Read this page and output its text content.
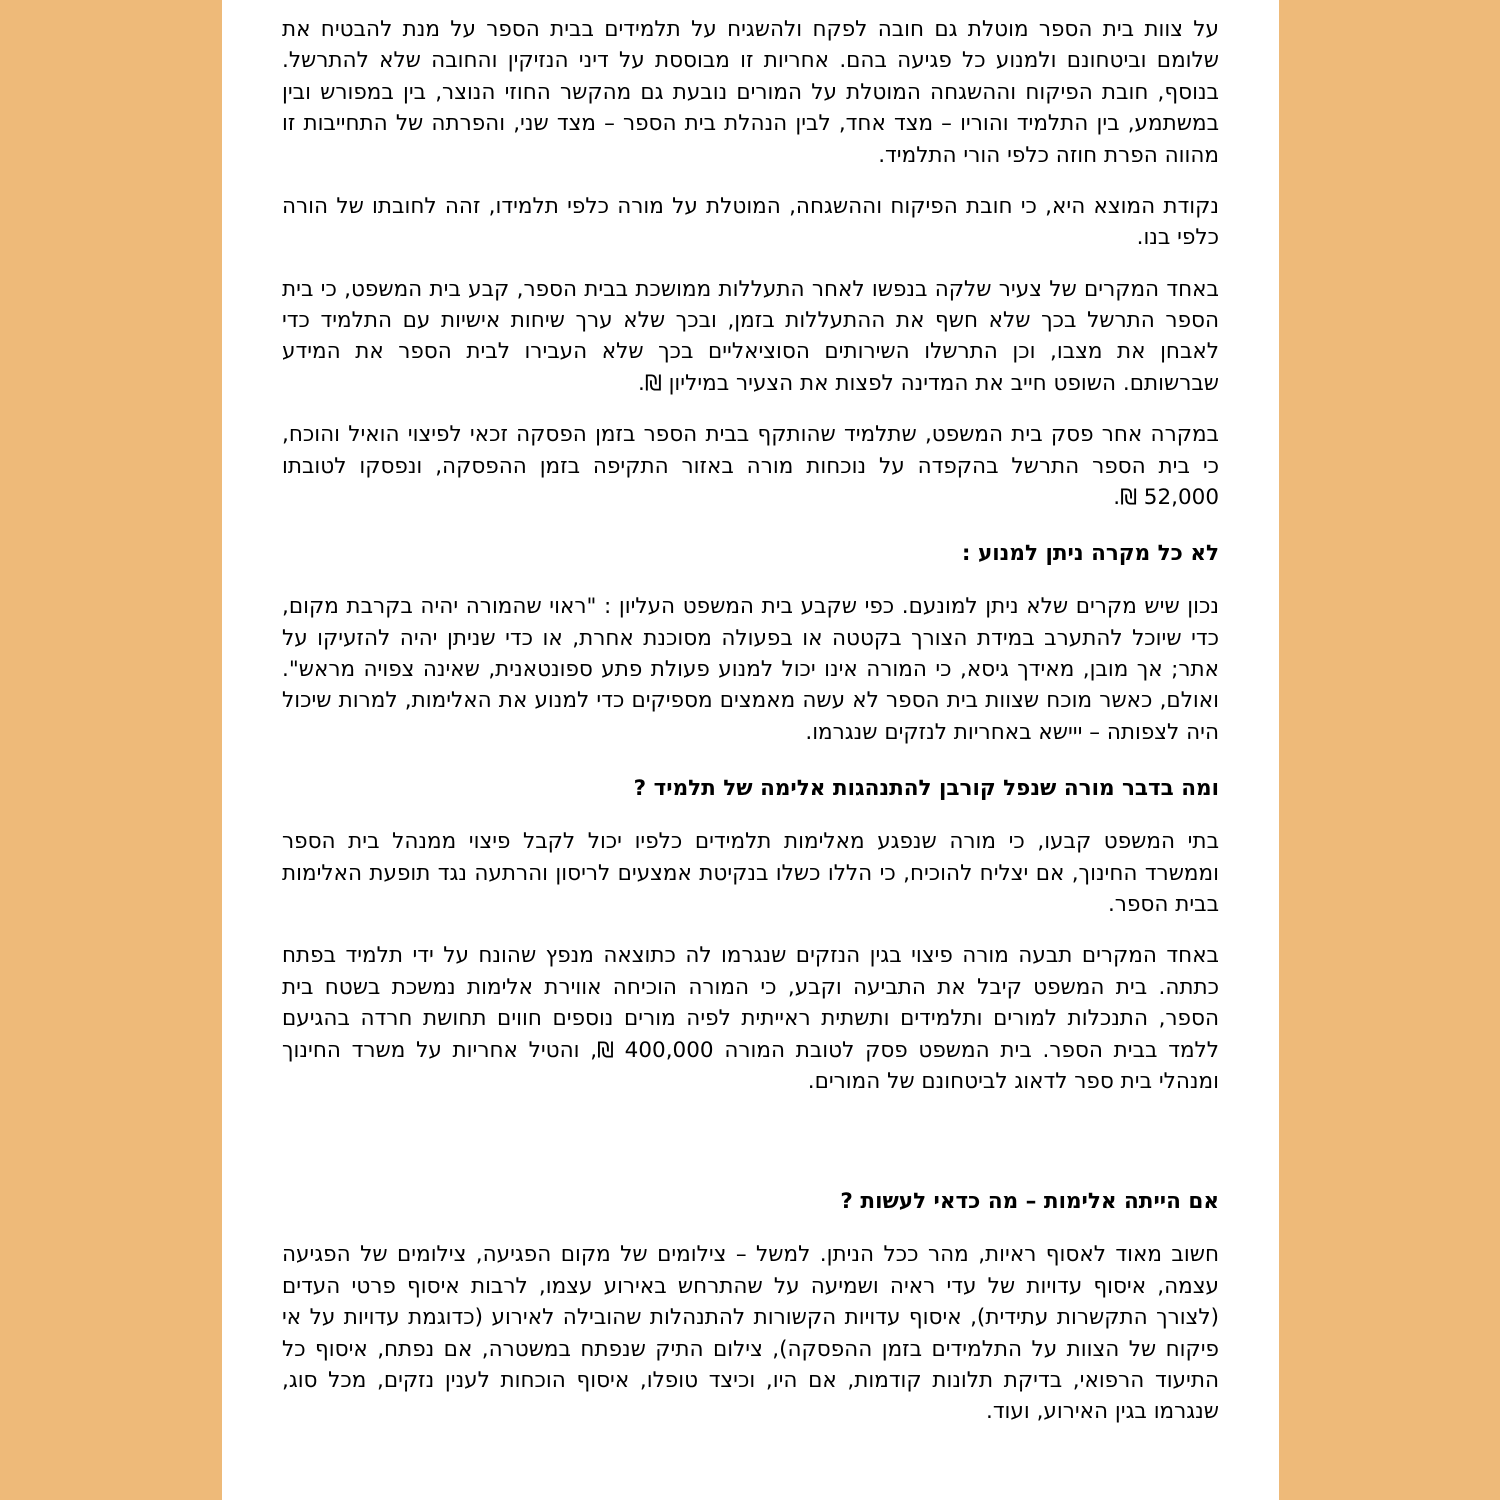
על צוות בית הספר מוטלת גם חובה לפקח ולהשגיח על תלמידים בבית הספר על מנת להבטיח את שלומם וביטחונם ולמנוע כל פגיעה בהם. אחריות זו מבוססת על דיני הנזיקין והחובה שלא להתרשל. בנוסף, חובת הפיקוח וההשגחה המוטלת על המורים נובעת גם מהקשר החוזי הנוצר, בין במפורש ובין במשתמע, בין התלמיד והוריו – מצד אחד, לבין הנהלת בית הספר – מצד שני, והפרתה של התחייבות זו מהווה הפרת חוזה כלפי הורי התלמיד.

נקודת המוצא היא, כי חובת הפיקוח וההשגחה, המוטלת על מורה כלפי תלמידו, זהה לחובתו של הורה כלפי בנו.

באחד המקרים של צעיר שלקה בנפשו לאחר התעללות ממושכת בבית הספר, קבע בית המשפט, כי בית הספר התרשל בכך שלא חשף את ההתעללות בזמן, ובכך שלא ערך שיחות אישיות עם התלמיד כדי לאבחן את מצבו, וכן התרשלו השירותים הסוציאליים בכך שלא העבירו לבית הספר את המידע שברשותם. השופט חייב את המדינה לפצות את הצעיר במיליון ₪.

במקרה אחר פסק בית המשפט, שתלמיד שהותקף בבית הספר בזמן הפסקה זכאי לפיצוי הואיל והוכח, כי בית הספר התרשל בהקפדה על נוכחות מורה באזור התקיפה בזמן ההפסקה, ונפסקו לטובתו 52,000 ₪.

לא כל מקרה ניתן למנוע :

נכון שיש מקרים שלא ניתן למונעם. כפי שקבע בית המשפט העליון : "ראוי שהמורה יהיה בקרבת מקום, כדי שיוכל להתערב במידת הצורך בקטטה או בפעולה מסוכנת אחרת, או כדי שניתן יהיה להזעיקו על אתר; אך מובן, מאידך גיסא, כי המורה אינו יכול למנוע פעולת פתע ספונטאנית, שאינה צפויה מראש". ואולם, כאשר מוכח שצוות בית הספר לא עשה מאמצים מספיקים כדי למנוע את האלימות, למרות שיכול היה לצפותה – ייישא באחריות לנזקים שנגרמו.

ומה בדבר מורה שנפל קורבן להתנהגות אלימה של תלמיד ?

בתי המשפט קבעו, כי מורה שנפגע מאלימות תלמידים כלפיו יכול לקבל פיצוי ממנהל בית הספר וממשרד החינוך, אם יצליח להוכיח, כי הללו כשלו בנקיטת אמצעים לריסון והרתעה נגד תופעת האלימות בבית הספר.

באחד המקרים תבעה מורה פיצוי בגין הנזקים שנגרמו לה כתוצאה מנפץ שהונח על ידי תלמיד בפתח כתתה. בית המשפט קיבל את התביעה וקבע, כי המורה הוכיחה אווירת אלימות נמשכת בשטח בית הספר, התנכלות למורים ותלמידים ותשתית ראייתית לפיה מורים נוספים חווים תחושת חרדה בהגיעם ללמד בבית הספר. בית המשפט פסק לטובת המורה 400,000 ₪, והטיל אחריות על משרד החינוך ומנהלי בית ספר לדאוג לביטחונם של המורים.

אם הייתה אלימות – מה כדאי לעשות ?

חשוב מאוד לאסוף ראיות, מהר ככל הניתן. למשל – צילומים של מקום הפגיעה, צילומים של הפגיעה עצמה, איסוף עדויות של עדי ראיה ושמיעה על שהתרחש באירוע עצמו, לרבות איסוף פרטי העדים (לצורך התקשרות עתידית), איסוף עדויות הקשורות להתנהלות שהובילה לאירוע (כדוגמת עדויות על אי פיקוח של הצוות על התלמידים בזמן ההפסקה), צילום התיק שנפתח במשטרה, אם נפתח, איסוף כל התיעוד הרפואי, בדיקת תלונות קודמות, אם היו, וכיצד טופלו, איסוף הוכחות לענין נזקים, מכל סוג, שנגרמו בגין האירוע, ועוד.
